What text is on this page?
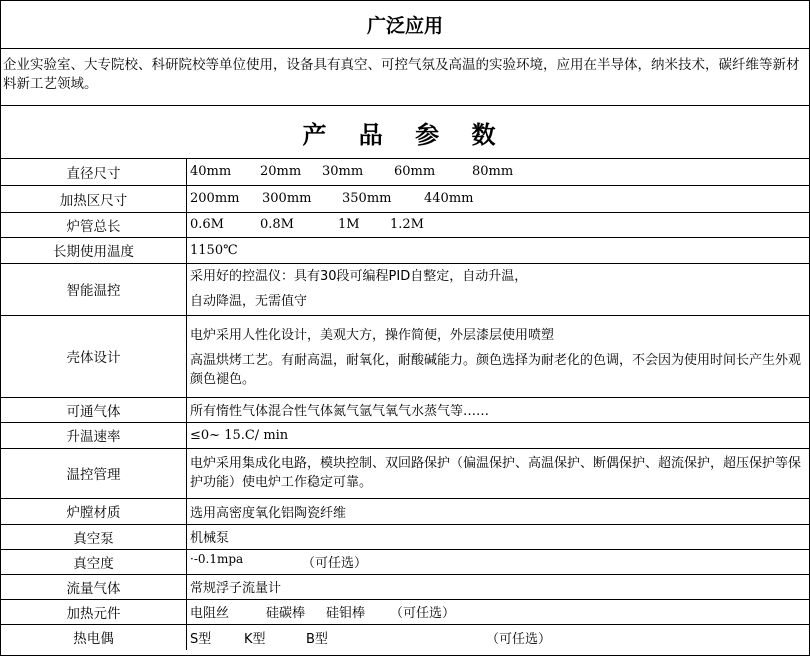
广泛应用
企业实验室、大专院校、科研院校等单位使用，设备具有真空、可控气氛及高温的实验环境，应用在半导体，纳米技术，碳纤维等新材料新工艺领域。
产 品 参 数
直径尺寸	40mm 20mm 30mm 60mm 80mm

加热区尺寸	200mm 300mm 350mm 440mm

炉管总长	0.6M 0.8M 1M 1.2M

长期使用温度	1150℃
智能温控	采用好的控温仪：具有30段可编程PID自整定，自动升温，
自动降温，无需值守

壳体设计	电炉采用人性化设计，美观大方，操作简便，外层漆层使用喷塑
高温烘烤工艺。有耐高温，耐氧化，耐酸碱能力。颜色选择为耐老化的色调，不会因为使用时间长产生外观颜色褪色。

可通气体	所有惰性气体混合性气体氮气氩气氧气水蒸气等……
升温速率	≤0~ 15.C/ min
温控管理	电炉采用集成化电路，模块控制、双回路保护（偏温保护、高温保护、断偶保护、超流保护，超压保护等保护功能）使电炉工作稳定可靠。
炉膛材质	选用高密度氧化铝陶瓷纤维
真空泵	机械泵
真空度	·-0.1mpa （可任选）

流量气体	常规浮子流量计
加热元件	电阻丝 硅碳棒 硅钼棒 （可任选）

热电偶	S型 K型 B型 （可任选）
